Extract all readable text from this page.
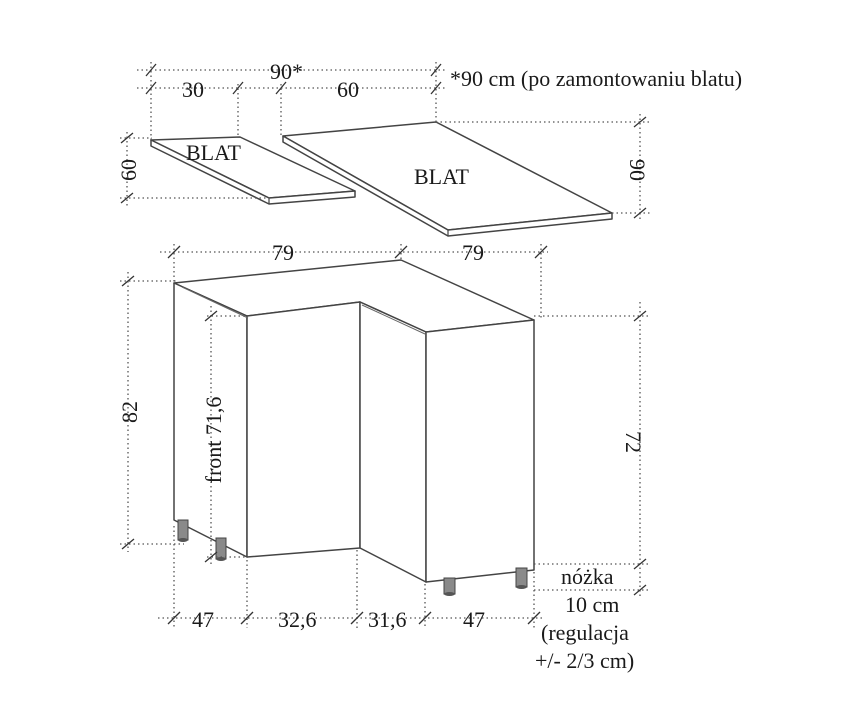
90*	*90 cm (po zamontowaniu blatu)
30	60
BLAT
BLAT
60	90
79	79
82	front 71,6	72
47	32,6 31,6	47
nóżka
10 cm
(regulacja
+/- 2/3 cm)
